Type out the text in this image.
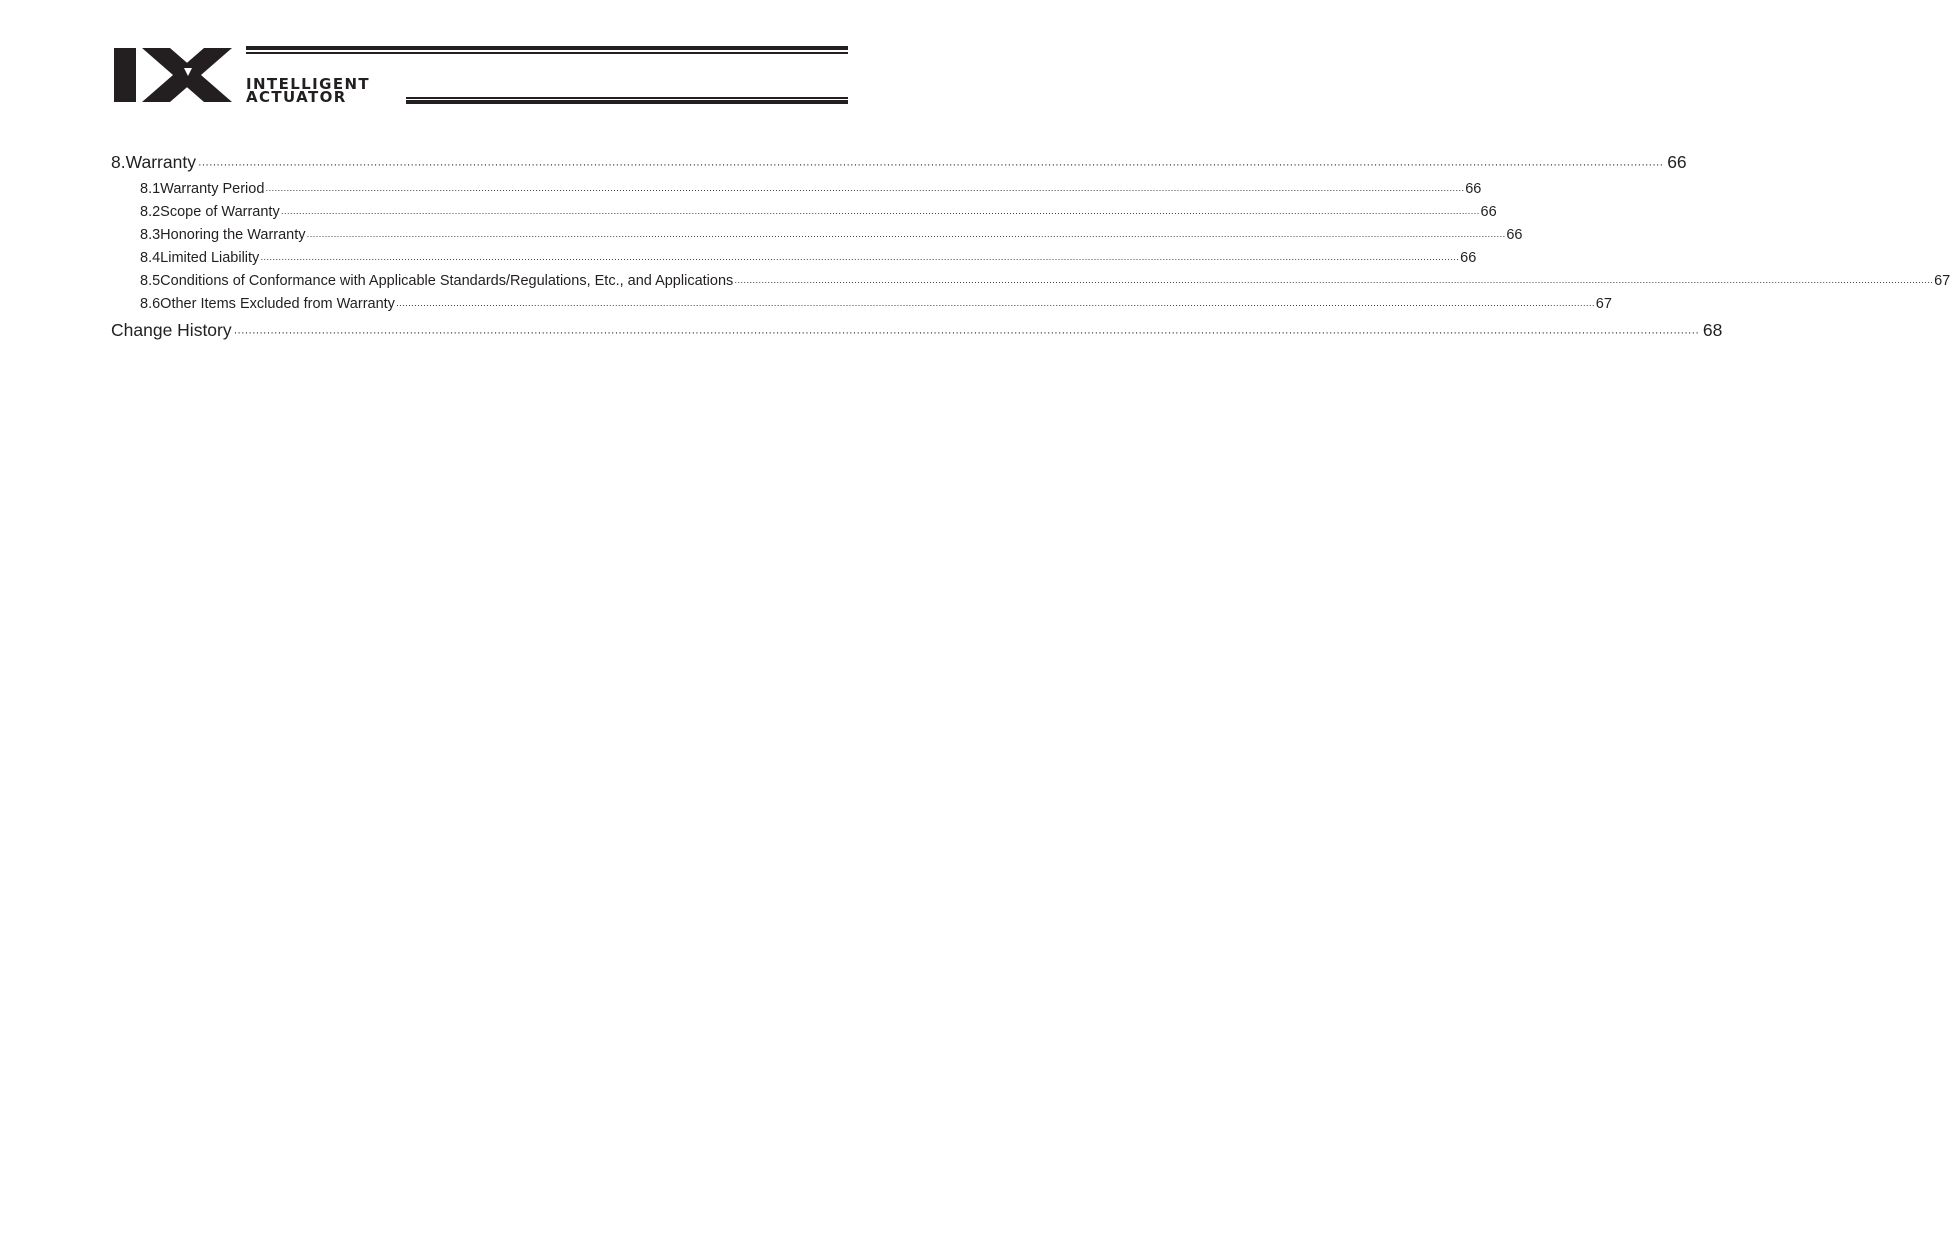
INTELLIGENT
ACTUATOR
8. Warranty ················································································································································································································································································································································································································ 66
8.1 Warranty Period ················································································································································································································································································································································································································ 66
8.2 Scope of Warranty ················································································································································································································································································································································································································ 66
8.3 Honoring the Warranty ················································································································································································································································································································································································································ 66
8.4 Limited Liability ················································································································································································································································································································································································································ 66
8.5 Conditions of Conformance with Applicable Standards/Regulations, Etc., and Applications ················································································································································································································································································································································································································ 67
8.6 Other Items Excluded from Warranty ················································································································································································································································································································································································································ 67
Change History ················································································································································································································································································································································································································ 68
